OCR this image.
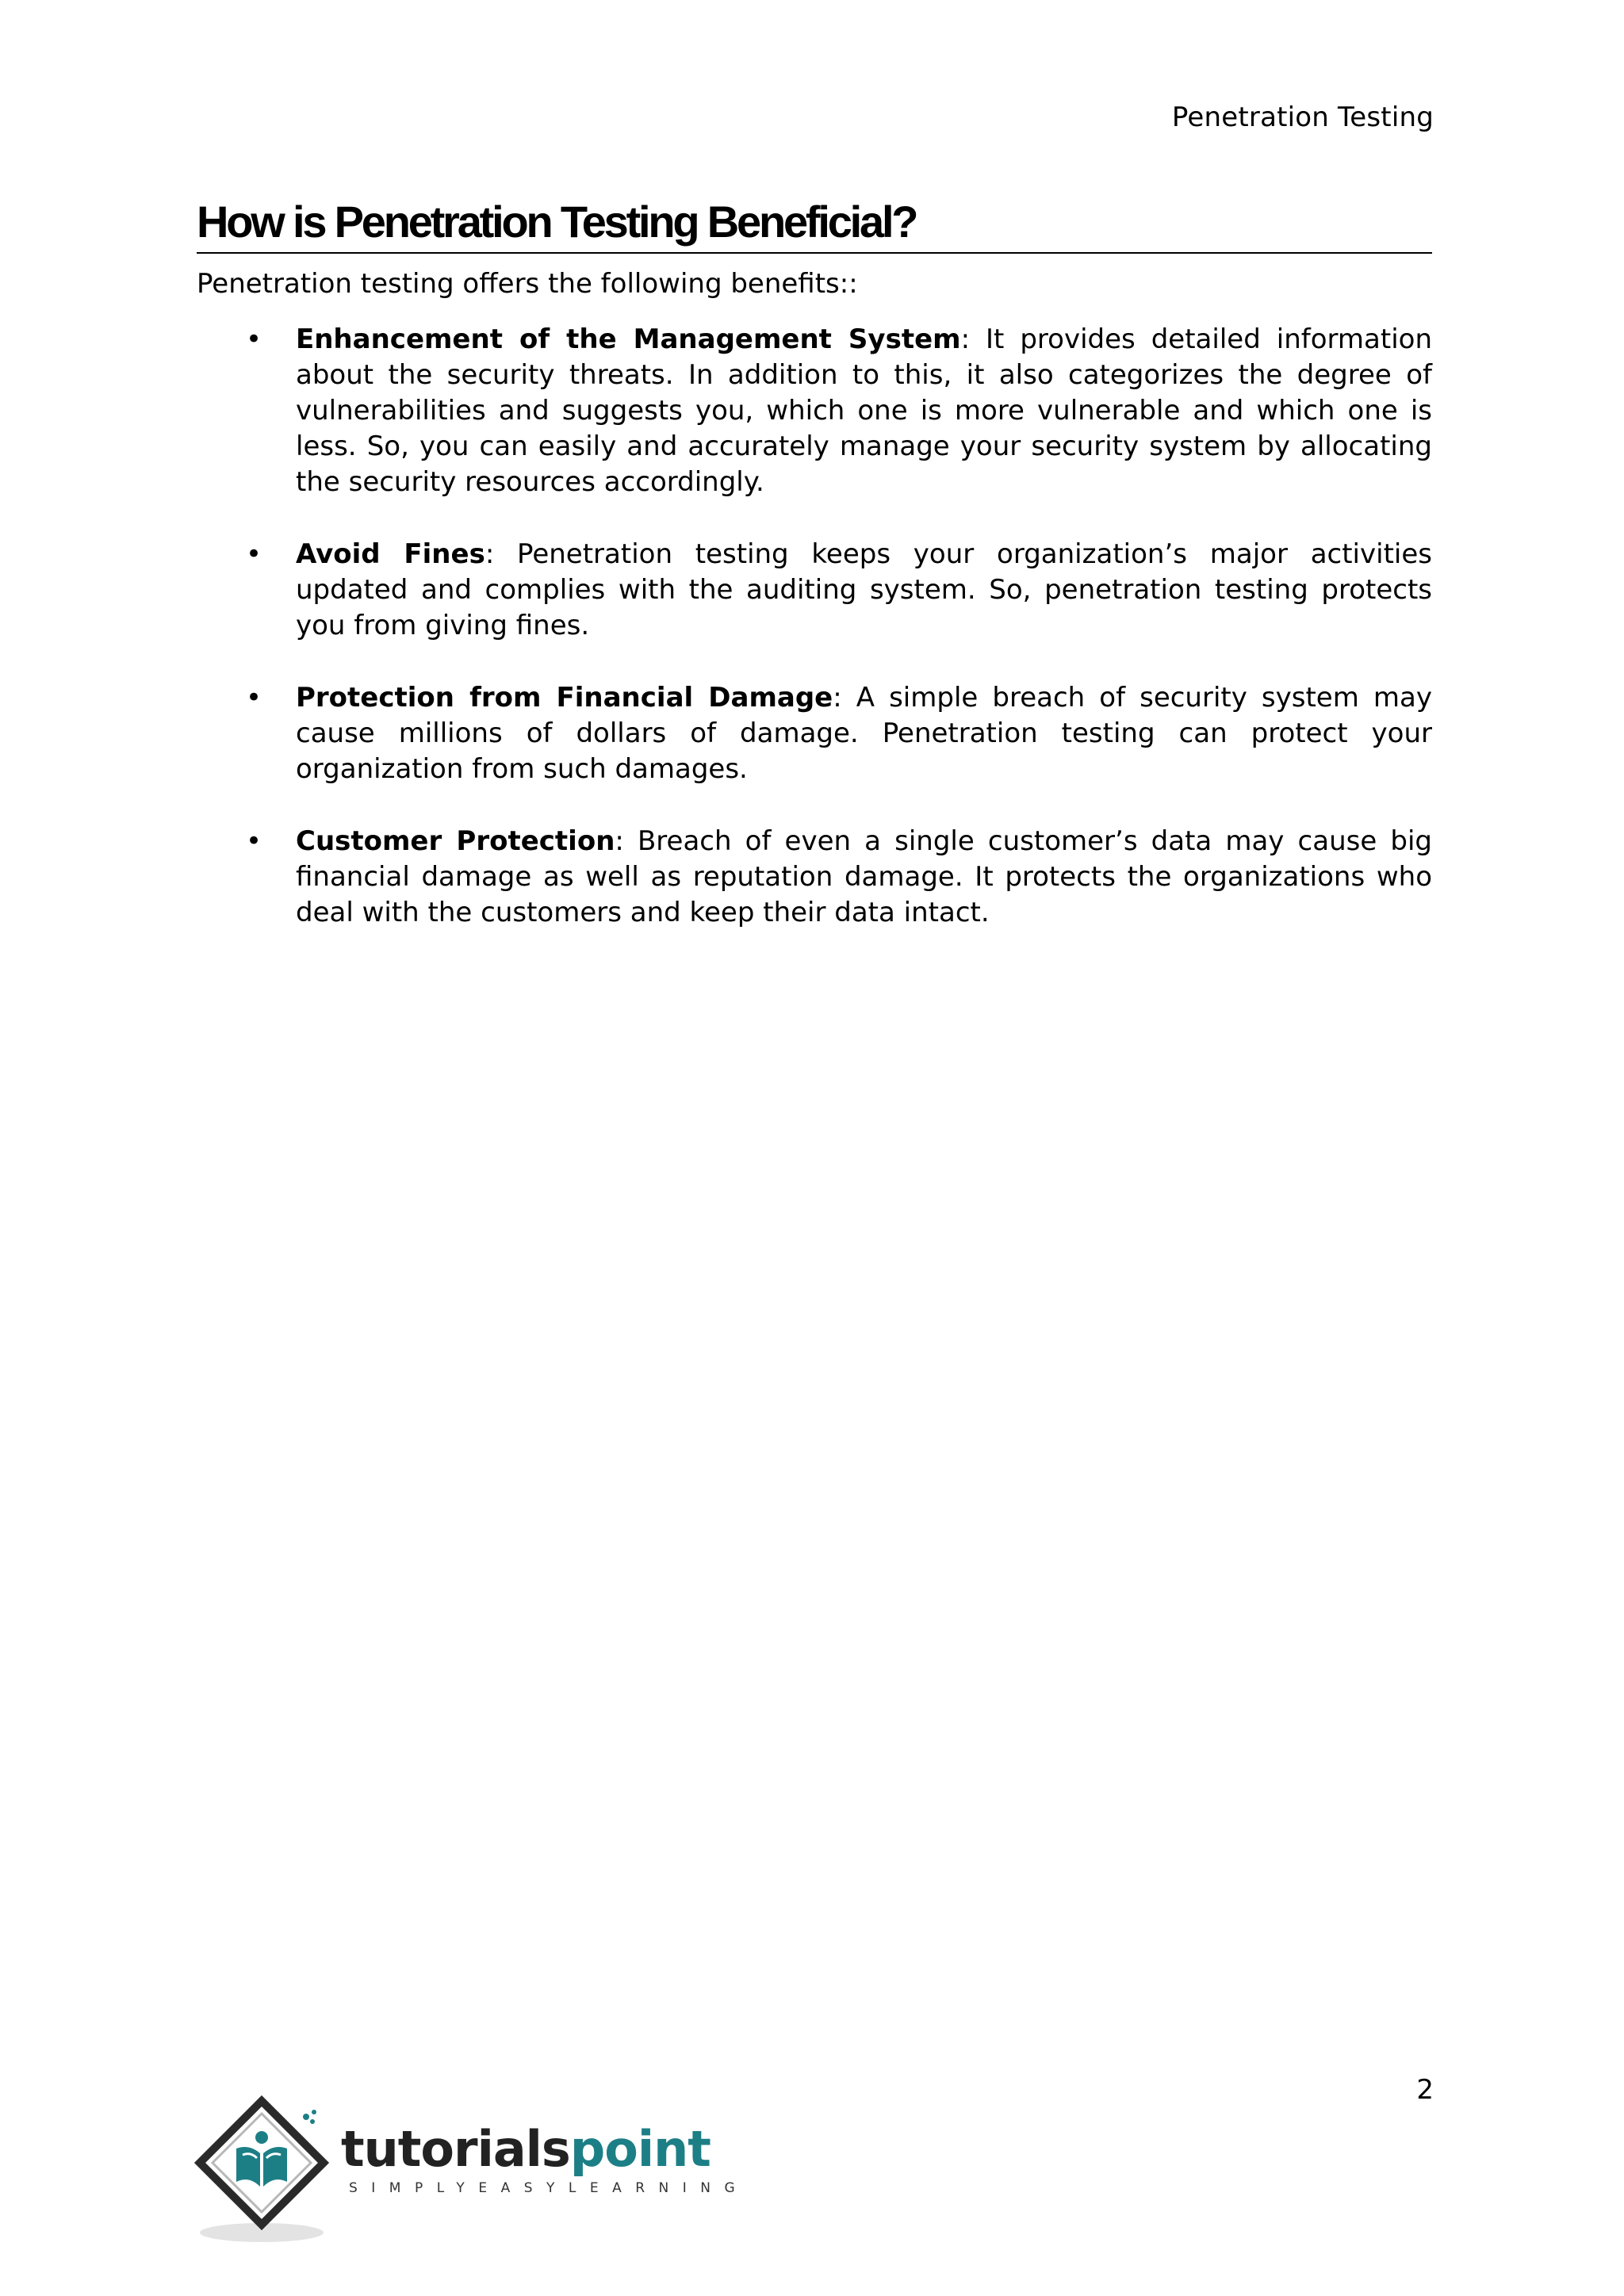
Penetration Testing
How is Penetration Testing Beneficial?

Penetration testing offers the following benefits::

• Enhancement of the Management System: It provides detailed information about the security threats. In addition to this, it also categorizes the degree of vulnerabilities and suggests you, which one is more vulnerable and which one is less. So, you can easily and accurately manage your security system by allocating the security resources accordingly.
• Avoid Fines: Penetration testing keeps your organization’s major activities updated and complies with the auditing system. So, penetration testing protects you from giving fines.
• Protection from Financial Damage: A simple breach of security system may cause millions of dollars of damage. Penetration testing can protect your organization from such damages.
• Customer Protection: Breach of even a single customer’s data may cause big financial damage as well as reputation damage. It protects the organizations who deal with the customers and keep their data intact.
2
tutorialspoint
SIMPLYEASYLEARNING
